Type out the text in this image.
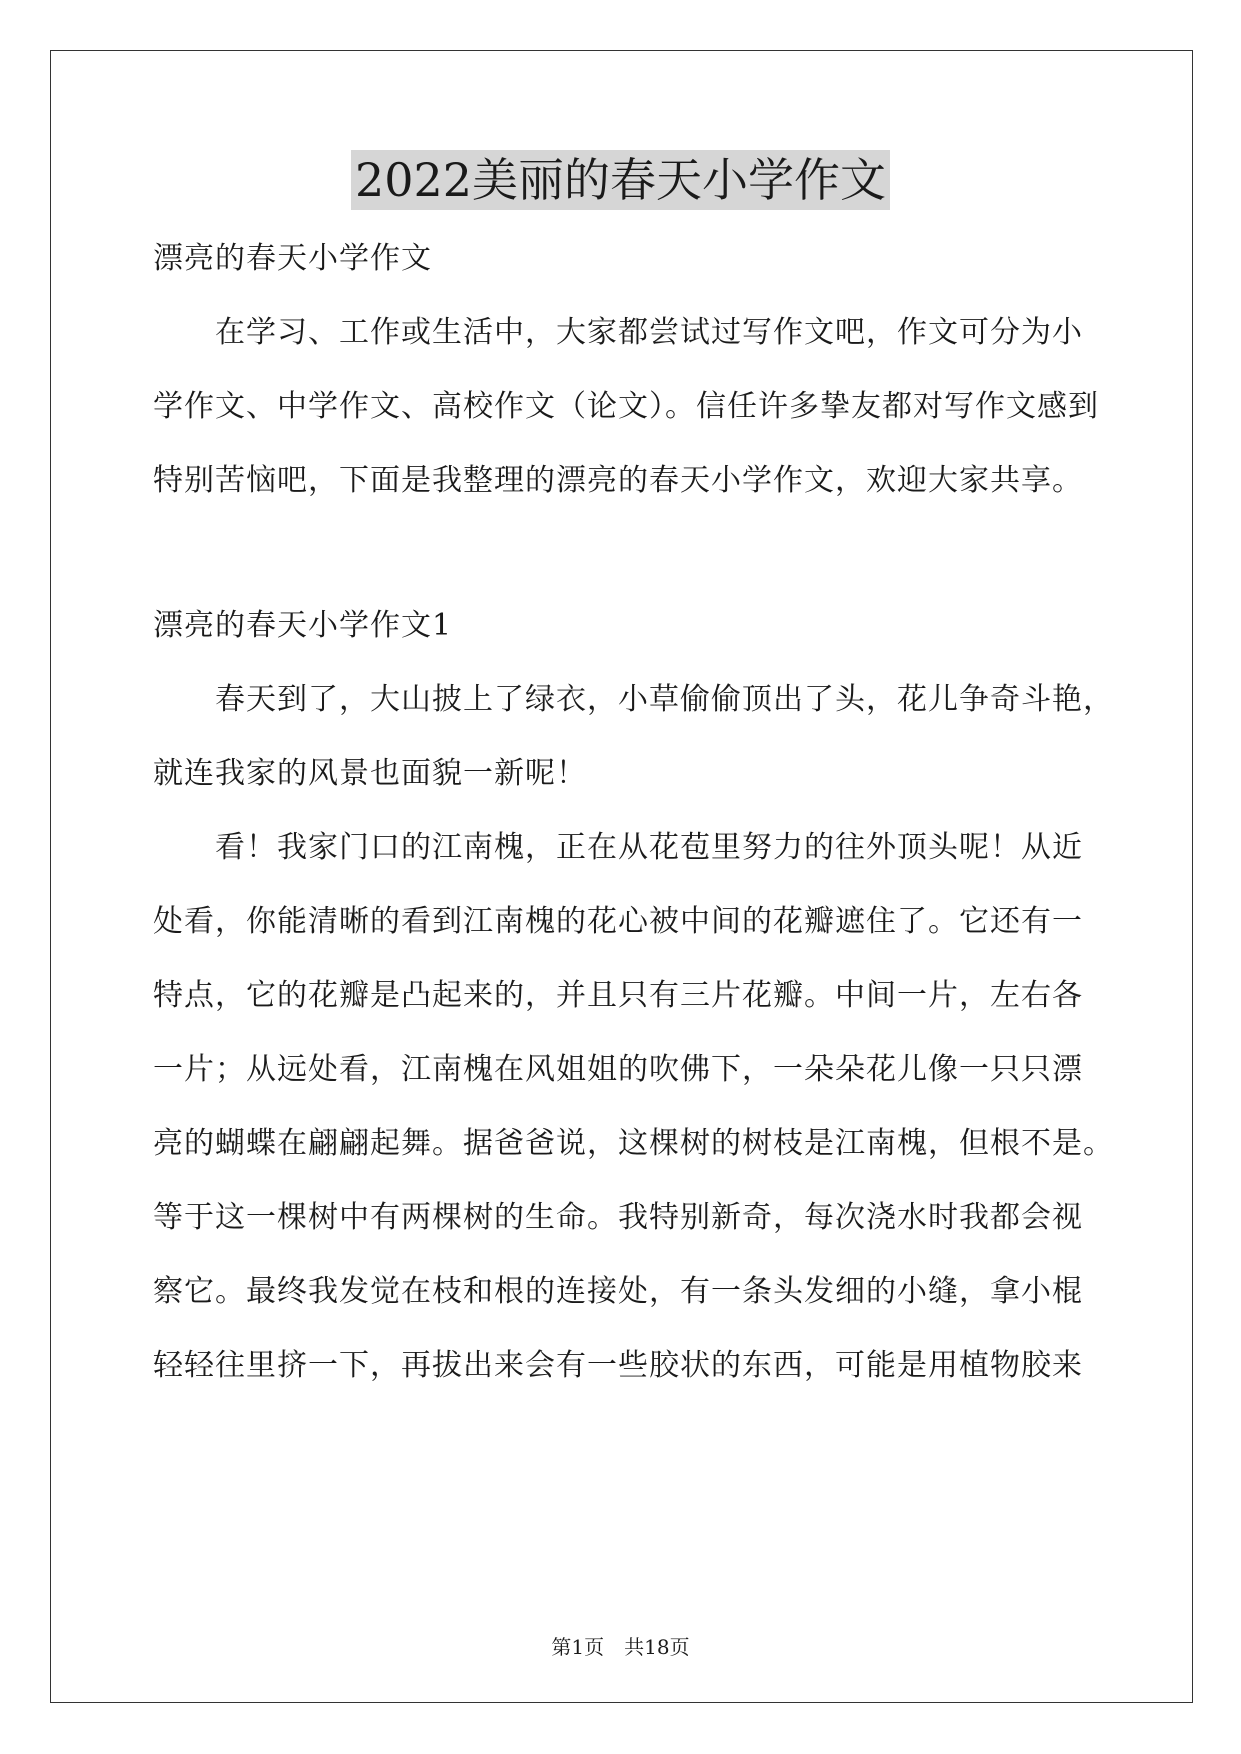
2022美丽的春天小学作文
漂亮的春天小学作文
　　在学习、工作或生活中，大家都尝试过写作文吧，作文可分为小
学作文、中学作文、高校作文（论文）。信任许多挚友都对写作文感到
特别苦恼吧，下面是我整理的漂亮的春天小学作文，欢迎大家共享。
漂亮的春天小学作文1
　　春天到了，大山披上了绿衣，小草偷偷顶出了头，花儿争奇斗艳，
就连我家的风景也面貌一新呢！
　　看！我家门口的江南槐，正在从花苞里努力的往外顶头呢！从近
处看，你能清晰的看到江南槐的花心被中间的花瓣遮住了。它还有一
特点，它的花瓣是凸起来的，并且只有三片花瓣。中间一片，左右各
一片；从远处看，江南槐在风姐姐的吹佛下，一朵朵花儿像一只只漂
亮的蝴蝶在翩翩起舞。据爸爸说，这棵树的树枝是江南槐，但根不是。
等于这一棵树中有两棵树的生命。我特别新奇，每次浇水时我都会视
察它。最终我发觉在枝和根的连接处，有一条头发细的小缝，拿小棍
轻轻往里挤一下，再拔出来会有一些胶状的东西，可能是用植物胶来
第1页　共18页
